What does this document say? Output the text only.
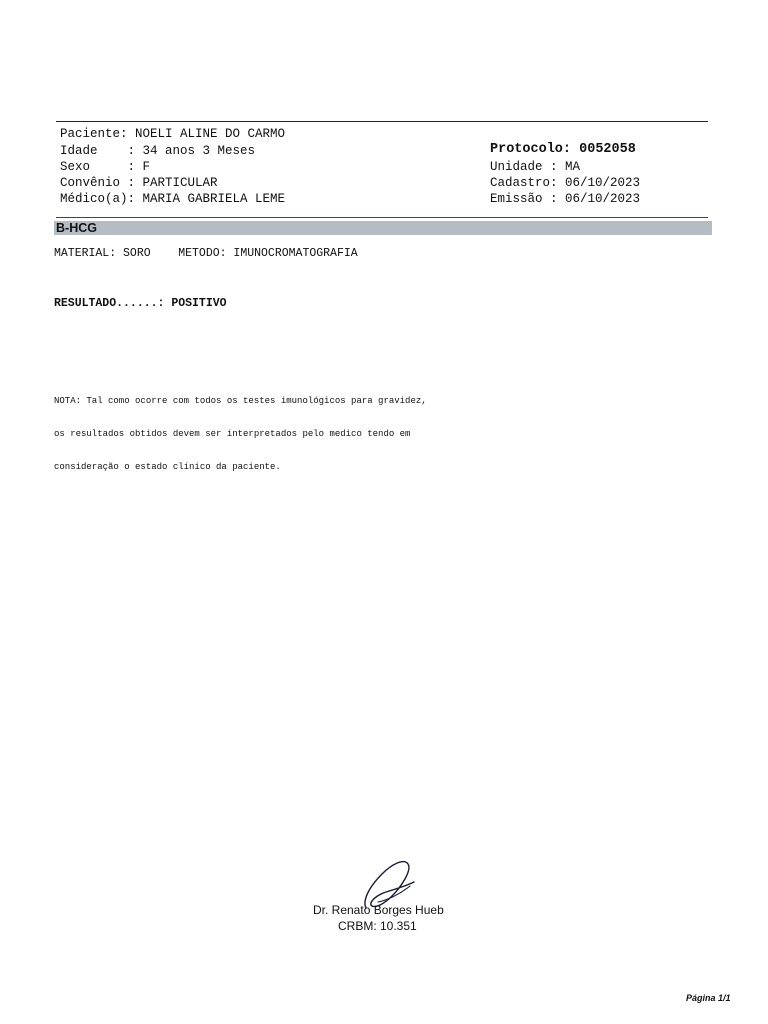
Paciente: NOELI ALINE DO CARMO
Idade    : 34 anos 3 Meses
Sexo     : F
Convênio : PARTICULAR
Médico(a): MARIA GABRIELA LEME
Protocolo: 0052058
Unidade : MA
Cadastro: 06/10/2023
Emissão : 06/10/2023
B-HCG
MATERIAL: SORO    METODO: IMUNOCROMATOGRAFIA
RESULTADO......: POSITIVO

NOTA: Tal como ocorre com todos os testes imunológicos para gravidez,

os resultados obtidos devem ser interpretados pelo medico tendo em

consideração o estado clínico da paciente.

Dr. Renato Borges Hueb
CRBM: 10.351
Página 1/1
